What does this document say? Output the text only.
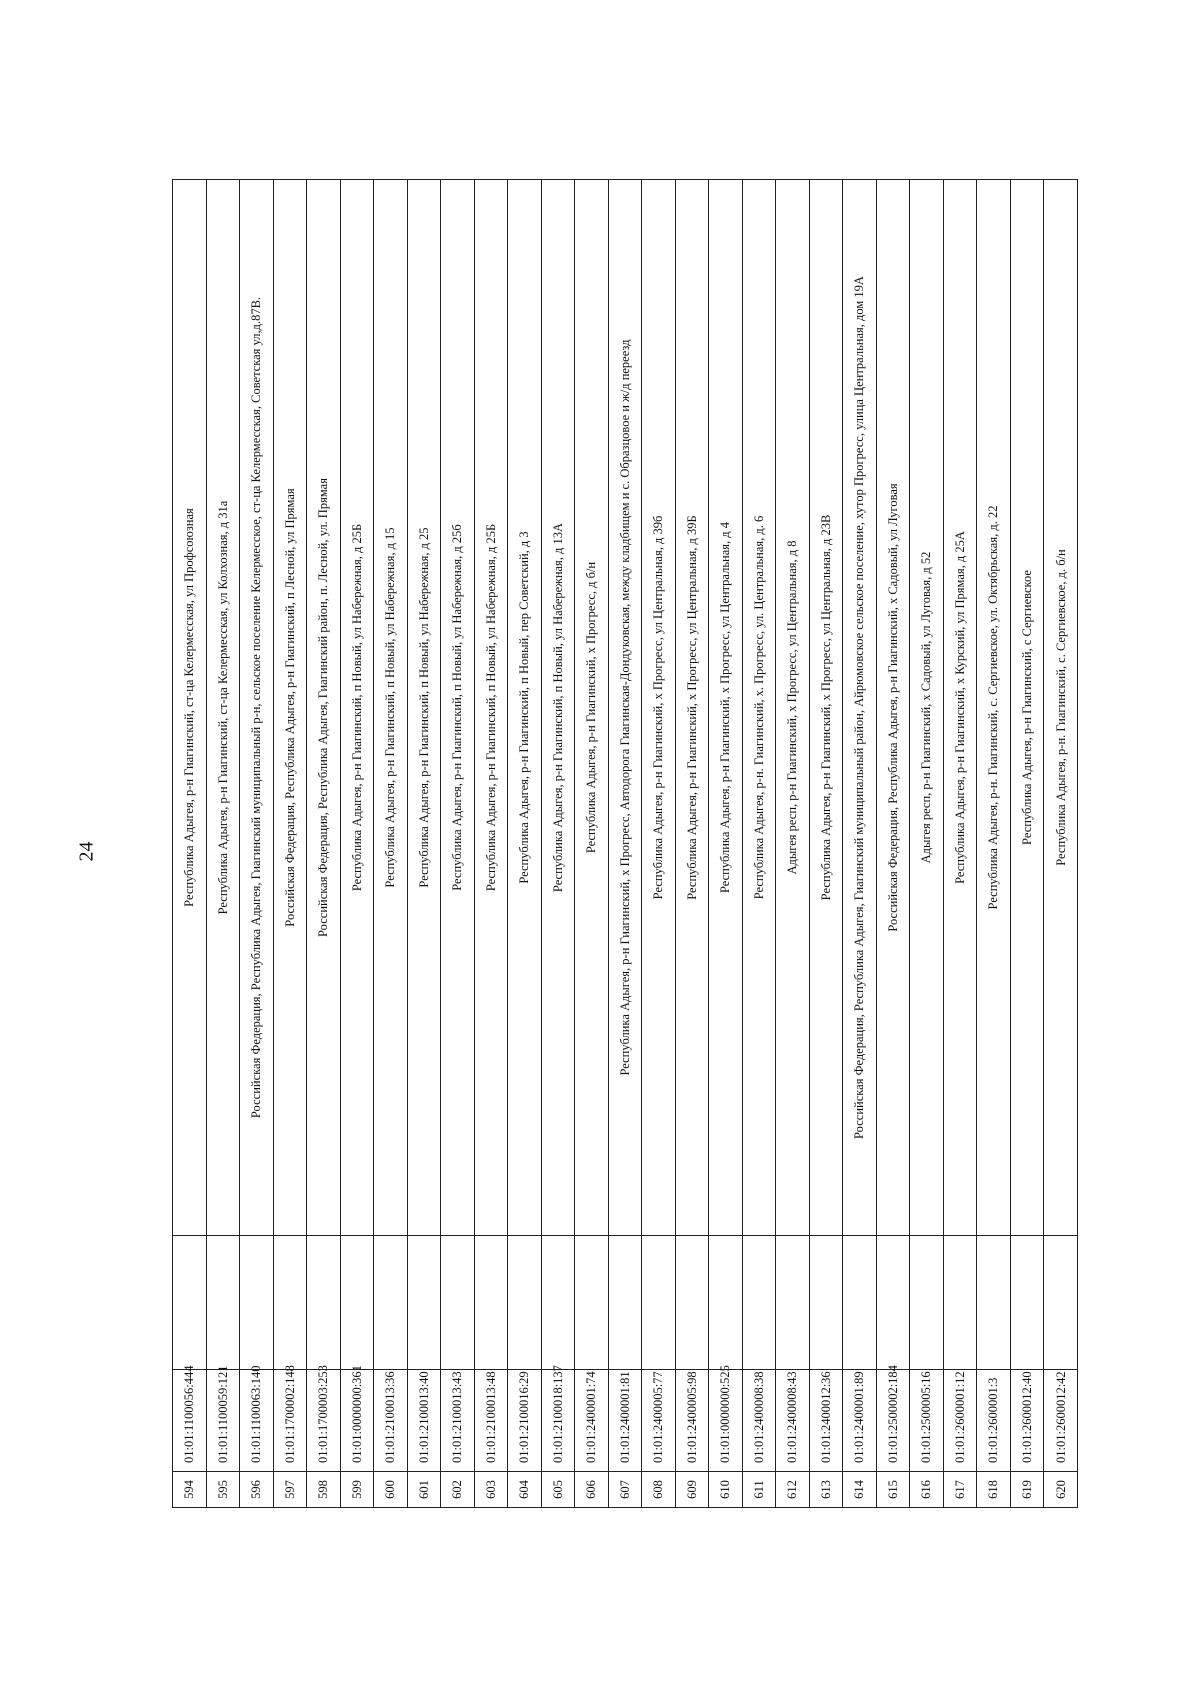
24
594	01:01:1100056:444		Республика Адыгея, р-н Гиагинский, ст-ца Келермесская, ул Профсоюзная
595	01:01:1100059:121		Республика Адыгея, р-н Гиагинский, ст-ца Келермесская, ул Колхозная, д 31а
596	01:01:1100063:140		Российская Федерация, Республика Адыгея, Гиагинский муниципальный р-н, сельское поселение Келермесское, ст-ца Келермесская, Советская ул,д.87В.
597	01:01:1700002:148		Российская Федерация, Республика Адыгея, р-н Гиагинский, п Лесной, ул Прямая
598	01:01:1700003:253		Российская Федерация, Республика Адыгея, Гиагинский район, п. Лесной, ул. Прямая
599	01:01:0000000:361		Республика Адыгея, р-н Гиагинский, п Новый, ул Набережная, д 25Б
600	01:01:2100013:36		Республика Адыгея, р-н Гиагинский, п Новый, ул Набережная, д 15
601	01:01:2100013:40		Республика Адыгея, р-н Гиагинский, п Новый, ул Набережная, д 25
602	01:01:2100013:43		Республика Адыгея, р-н Гиагинский, п Новый, ул Набережная, д 25б
603	01:01:2100013:48		Республика Адыгея, р-н Гиагинский, п Новый, ул Набережная, д 25Б
604	01:01:2100016:29		Республика Адыгея, р-н Гиагинский, п Новый, пер Советский, д 3
605	01:01:2100018:137		Республика Адыгея, р-н Гиагинский, п Новый, ул Набережная, д 13А
606	01:01:2400001:74		Республика Адыгея, р-н Гиагинский, х Прогресс, д б/н
607	01:01:2400001:81		Республика Адыгея, р-н Гиагинский, х Прогресс, Автодорога Гиагинская-Дондуковская, между кладбищем и с. Образцовое и ж/д переезд
608	01:01:2400005:77		Республика Адыгея, р-н Гиагинский, х Прогресс, ул Центральная, д 39б
609	01:01:2400005:98		Республика Адыгея, р-н Гиагинский, х Прогресс, ул Центральная, д 39Б
610	01:01:0000000:525		Республика Адыгея, р-н Гиагинский, х Прогресс, ул Центральная, д 4
611	01:01:2400008:38		Республика Адыгея, р-н. Гиагинский, х. Прогресс, ул. Центральная, д. 6
612	01:01:2400008:43		Адыгея респ, р-н Гиагинский, х Прогресс, ул Центральная, д 8
613	01:01:2400012:36		Республика Адыгея, р-н Гиагинский, х Прогресс, ул Центральная, д 23В
614	01:01:2400001:89		Российская Федерация, Республика Адыгея, Гиагинский муниципальный район, Айрюмовское сельское поселение, хутор Прогресс, улица Центральная, дом 19А
615	01:01:2500002:184		Российская Федерация, Республика Адыгея, р-н Гиагинский, х Садовый, ул Луговая
616	01:01:2500005:16		Адыгея респ, р-н Гиагинский, х Садовый, ул Луговая, д 52
617	01:01:2600001:12		Республика Адыгея, р-н Гиагинский, х Курский, ул Прямая, д 25А
618	01:01:2600001:3		Республика Адыгея, р-н. Гиагинский, с. Сергиевское, ул. Октябрьская, д. 22
619	01:01:2600012:40		Республика Адыгея, р-н Гиагинский, с Сергиевское
620	01:01:2600012:42		Республика Адыгея, р-н. Гиагинский, с. Сергиевское, д. б/н
